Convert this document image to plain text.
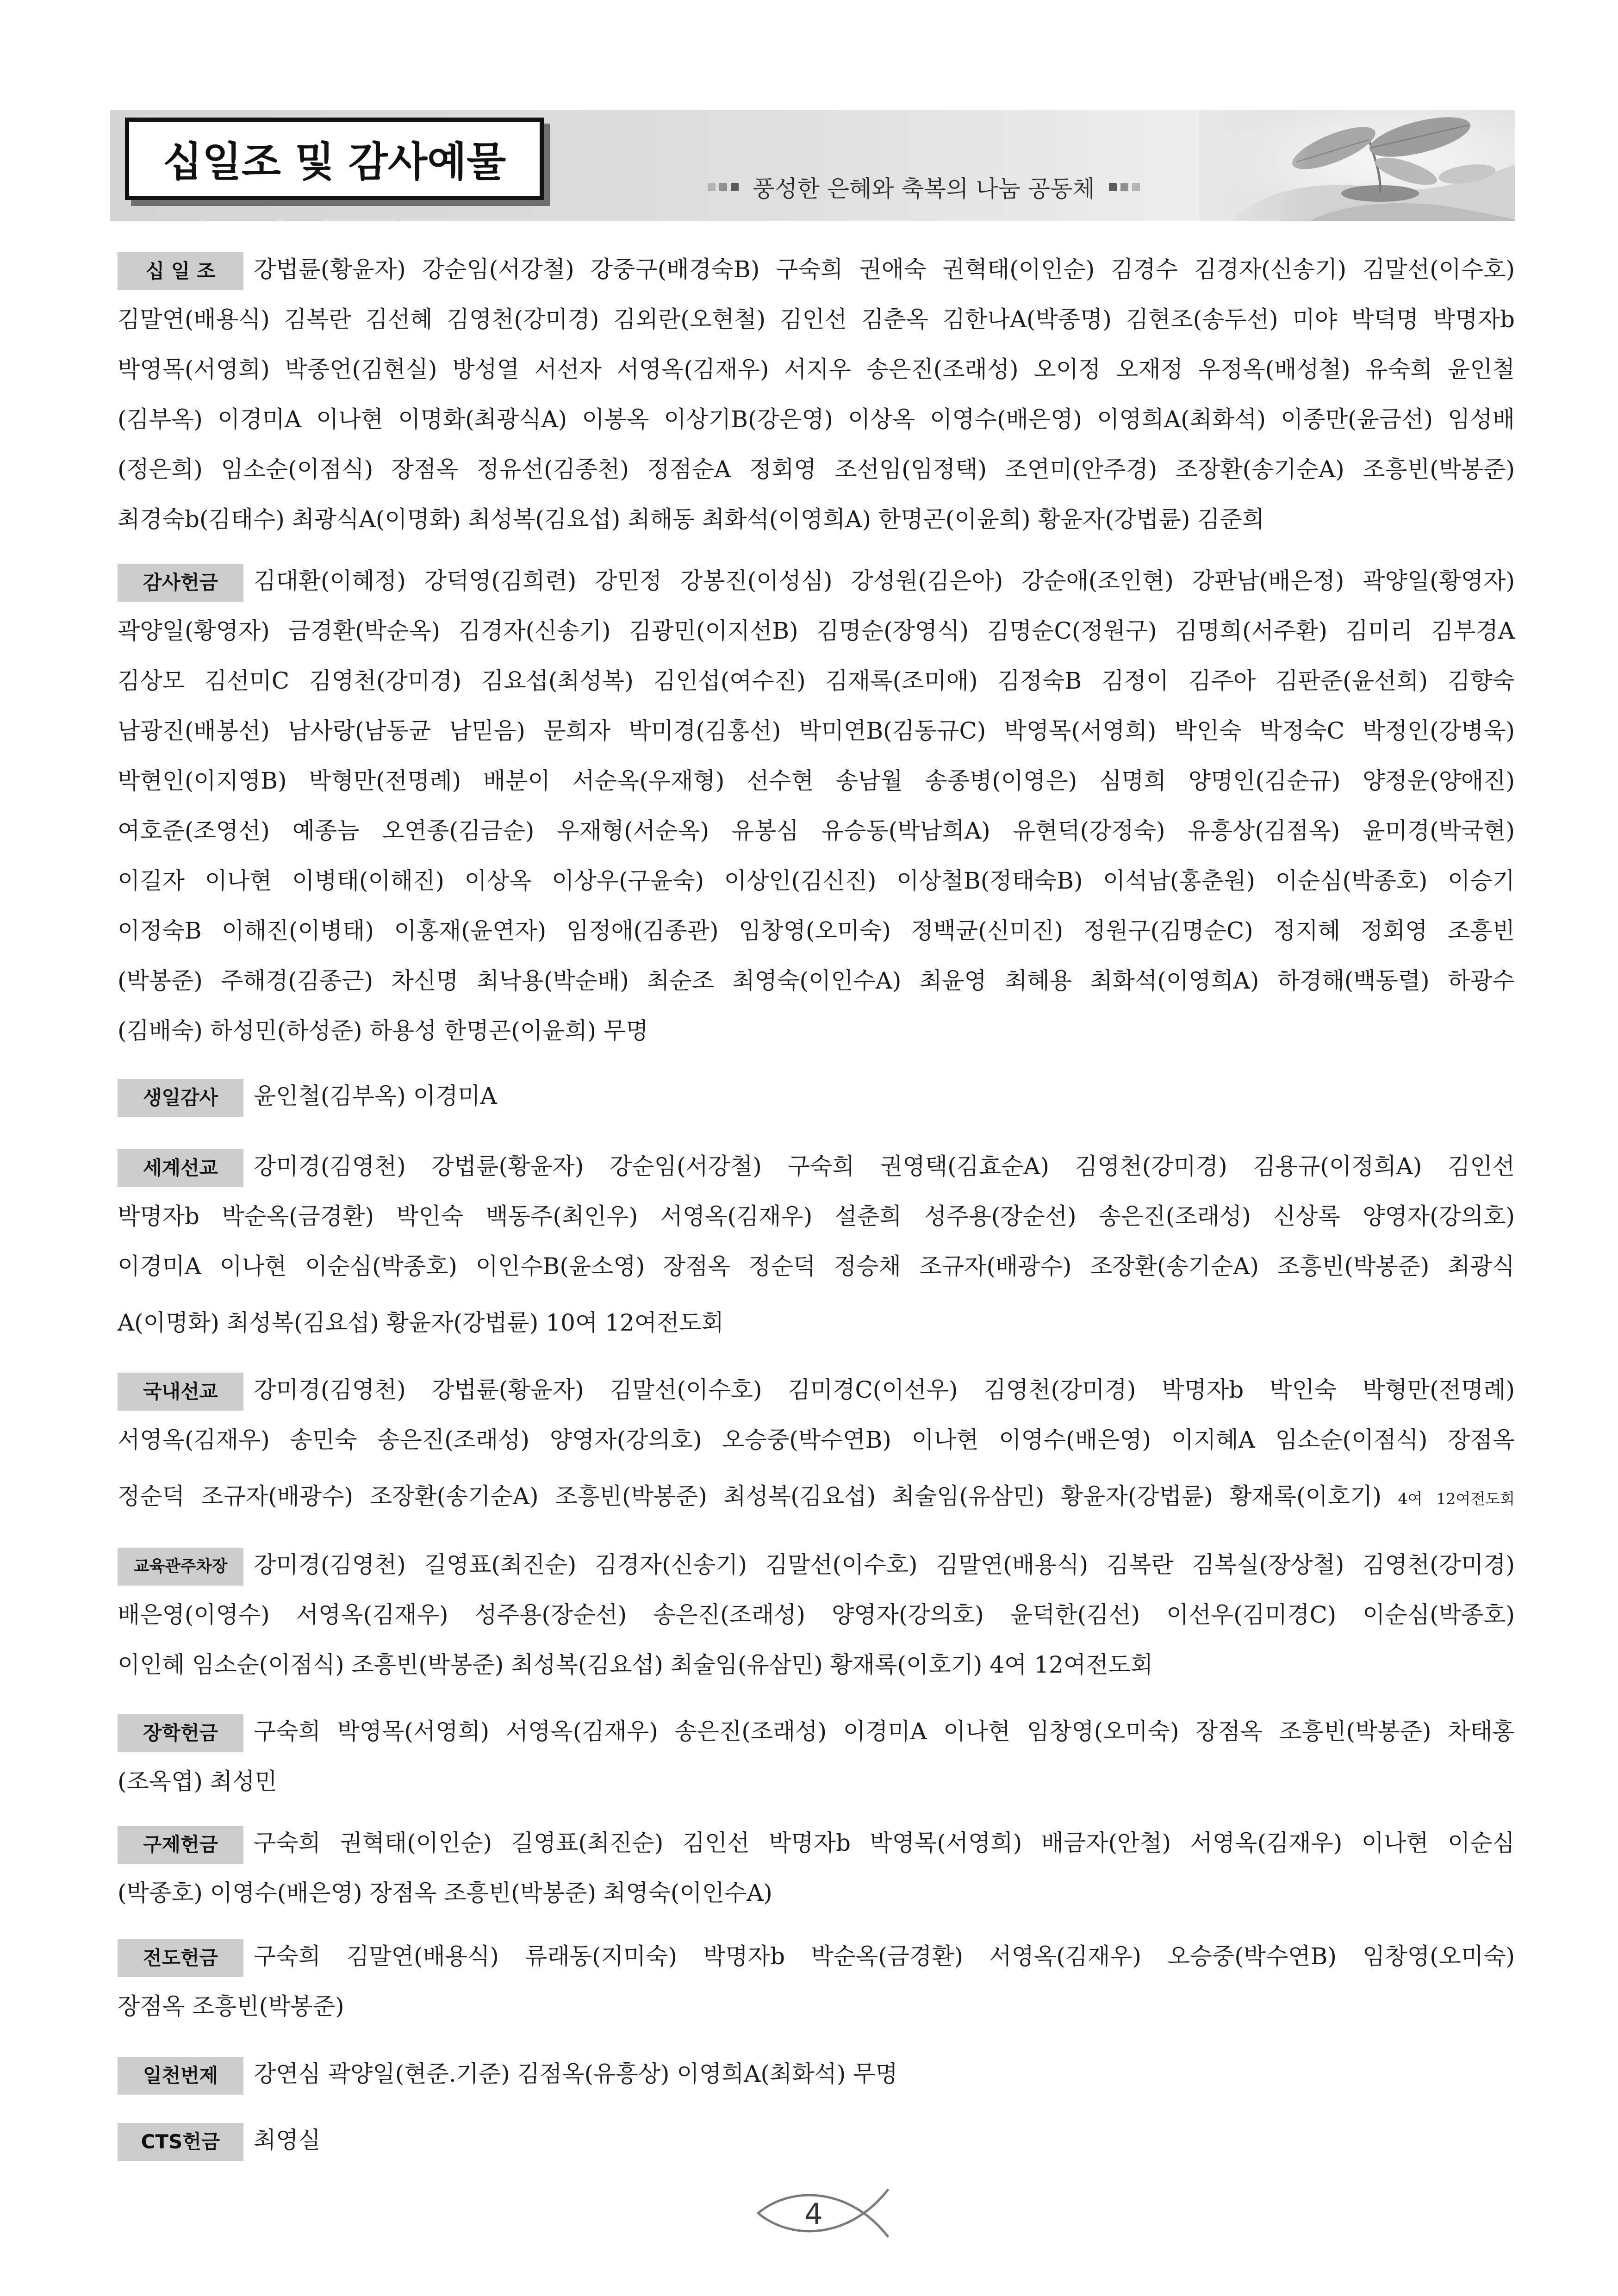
십일조 및 감사예물
풍성한 은혜와 축복의 나눔 공동체
십 일 조 강법륜(황윤자) 강순임(서강철) 강중구(배경숙B) 구숙희 권애숙 권혁태(이인순) 김경수 김경자(신송기) 김말선(이수호)
김말연(배용식) 김복란 김선혜 김영천(강미경) 김외란(오현철) 김인선 김춘옥 김한나A(박종명) 김현조(송두선) 미야 박덕명 박명자b
박영목(서영희) 박종언(김현실) 방성열 서선자 서영옥(김재우) 서지우 송은진(조래성) 오이정 오재정 우정옥(배성철) 유숙희 윤인철
(김부옥) 이경미A 이나현 이명화(최광식A) 이봉옥 이상기B(강은영) 이상옥 이영수(배은영) 이영희A(최화석) 이종만(윤금선) 임성배
(정은희) 임소순(이점식) 장점옥 정유선(김종천) 정점순A 정회영 조선임(임정택) 조연미(안주경) 조장환(송기순A) 조흥빈(박봉준)
최경숙b(김태수) 최광식A(이명화) 최성복(김요섭) 최해동 최화석(이영희A) 한명곤(이윤희) 황윤자(강법륜) 김준희
감사헌금 김대환(이혜정) 강덕영(김희련) 강민정 강봉진(이성심) 강성원(김은아) 강순애(조인현) 강판남(배은정) 곽양일(황영자)
곽양일(황영자) 금경환(박순옥) 김경자(신송기) 김광민(이지선B) 김명순(장영식) 김명순C(정원구) 김명희(서주환) 김미리 김부경A
김상모 김선미C 김영천(강미경) 김요섭(최성복) 김인섭(여수진) 김재록(조미애) 김정숙B 김정이 김주아 김판준(윤선희) 김향숙
남광진(배봉선) 남사랑(남동균 남믿음) 문희자 박미경(김홍선) 박미연B(김동규C) 박영목(서영희) 박인숙 박정숙C 박정인(강병욱)
박현인(이지영B) 박형만(전명례) 배분이 서순옥(우재형) 선수현 송남월 송종병(이영은) 심명희 양명인(김순규) 양정운(양애진)
여호준(조영선) 예종늠 오연종(김금순) 우재형(서순옥) 유봉심 유승동(박남희A) 유현덕(강정숙) 유흥상(김점옥) 윤미경(박국현)
이길자 이나현 이병태(이해진) 이상옥 이상우(구윤숙) 이상인(김신진) 이상철B(정태숙B) 이석남(홍춘원) 이순심(박종호) 이승기
이정숙B 이해진(이병태) 이홍재(윤연자) 임정애(김종관) 임창영(오미숙) 정백균(신미진) 정원구(김명순C) 정지혜 정회영 조흥빈
(박봉준) 주해경(김종근) 차신명 최낙용(박순배) 최순조 최영숙(이인수A) 최윤영 최혜용 최화석(이영희A) 하경해(백동렬) 하광수
(김배숙) 하성민(하성준) 하용성 한명곤(이윤희) 무명
생일감사 윤인철(김부옥) 이경미A
세계선교 강미경(김영천) 강법륜(황윤자) 강순임(서강철) 구숙희 권영택(김효순A) 김영천(강미경) 김용규(이정희A) 김인선
박명자b 박순옥(금경환) 박인숙 백동주(최인우) 서영옥(김재우) 설춘희 성주용(장순선) 송은진(조래성) 신상록 양영자(강의호)
이경미A 이나현 이순심(박종호) 이인수B(윤소영) 장점옥 정순덕 정승채 조규자(배광수) 조장환(송기순A) 조흥빈(박봉준) 최광식
A(이명화) 최성복(김요섭) 황윤자(강법륜) 10여 12여전도회
국내선교 강미경(김영천) 강법륜(황윤자) 김말선(이수호) 김미경C(이선우) 김영천(강미경) 박명자b 박인숙 박형만(전명례)
서영옥(김재우) 송민숙 송은진(조래성) 양영자(강의호) 오승중(박수연B) 이나현 이영수(배은영) 이지혜A 임소순(이점식) 장점옥
정순덕 조규자(배광수) 조장환(송기순A) 조흥빈(박봉준) 최성복(김요섭) 최술임(유삼민) 황윤자(강법륜) 황재록(이호기) 4여 12여전도회
교육관주차장 강미경(김영천) 길영표(최진순) 김경자(신송기) 김말선(이수호) 김말연(배용식) 김복란 김복실(장상철) 김영천(강미경)
배은영(이영수) 서영옥(김재우) 성주용(장순선) 송은진(조래성) 양영자(강의호) 윤덕한(김선) 이선우(김미경C) 이순심(박종호)
이인혜 임소순(이점식) 조흥빈(박봉준) 최성복(김요섭) 최술임(유삼민) 황재록(이호기) 4여 12여전도회
장학헌금 구숙희 박영목(서영희) 서영옥(김재우) 송은진(조래성) 이경미A 이나현 임창영(오미숙) 장점옥 조흥빈(박봉준) 차태홍
(조옥엽) 최성민
구제헌금 구숙희 권혁태(이인순) 길영표(최진순) 김인선 박명자b 박영목(서영희) 배금자(안철) 서영옥(김재우) 이나현 이순심
(박종호) 이영수(배은영) 장점옥 조흥빈(박봉준) 최영숙(이인수A)
전도헌금 구숙희 김말연(배용식) 류래동(지미숙) 박명자b 박순옥(금경환) 서영옥(김재우) 오승중(박수연B) 임창영(오미숙)
장점옥 조흥빈(박봉준)
일천번제 강연심 곽양일(현준.기준) 김점옥(유흥상) 이영희A(최화석) 무명
CTS헌금 최영실
4
